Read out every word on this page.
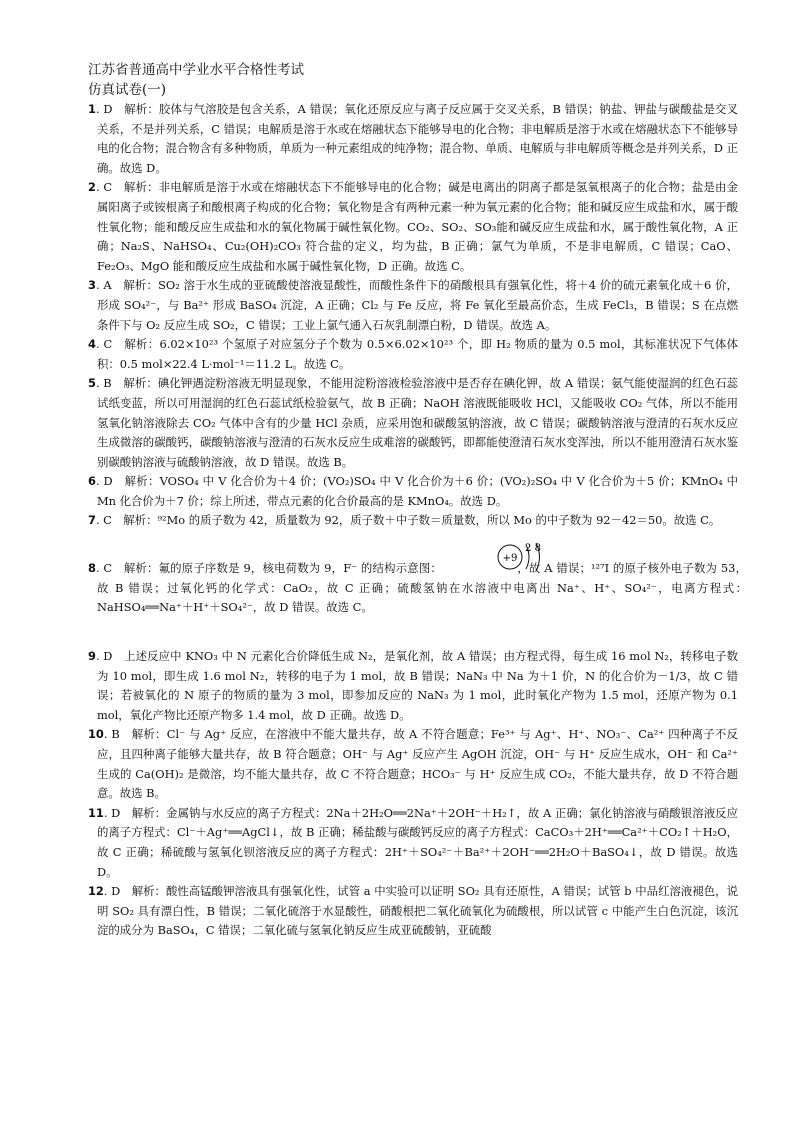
江苏省普通高中学业水平合格性考试
仿真试卷(一)

1. D　解析：胶体与气溶胶是包含关系，A 错误；氧化还原反应与离子反应属于交叉关系，B 错误；钠盐、钾盐与碳酸盐是交叉关系，不是并列关系，C 错误；电解质是溶于水或在熔融状态下能够导电的化合物；非电解质是溶于水或在熔融状态下不能够导电的化合物；混合物含有多种物质，单质为一种元素组成的纯净物；混合物、单质、电解质与非电解质等概念是并列关系，D 正确。故选 D。

2. C　解析：非电解质是溶于水或在熔融状态下不能够导电的化合物；碱是电离出的阴离子都是氢氧根离子的化合物；盐是由金属阳离子或铵根离子和酸根离子构成的化合物；氧化物是含有两种元素一种为氧元素的化合物；能和碱反应生成盐和水，属于酸性氧化物；能和酸反应生成盐和水的氧化物属于碱性氧化物。CO₂、SO₂、SO₃能和碱反应生成盐和水，属于酸性氧化物，A 正确；Na₂S、NaHSO₄、Cu₂(OH)₂CO₃ 符合盐的定义，均为盐，B 正确；氯气为单质，不是非电解质，C 错误；CaO、Fe₂O₃、MgO 能和酸反应生成盐和水属于碱性氧化物，D 正确。故选 C。

3. A　解析：SO₂ 溶于水生成的亚硫酸使溶液显酸性，而酸性条件下的硝酸根具有强氧化性，将＋4 价的硫元素氧化成＋6 价，形成 SO₄²⁻，与 Ba²⁺ 形成 BaSO₄ 沉淀，A 正确；Cl₂ 与 Fe 反应，将 Fe 氧化至最高价态，生成 FeCl₃，B 错误；S 在点燃条件下与 O₂ 反应生成 SO₂，C 错误；工业上氯气通入石灰乳制漂白粉，D 错误。故选 A。

4. C　解析：6.02×10²³ 个氢原子对应氢分子个数为 0.5×6.02×10²³ 个，即 H₂ 物质的量为 0.5 mol，其标准状况下气体体积：0.5 mol×22.4 L·mol⁻¹＝11.2 L。故选 C。

5. B　解析：碘化钾遇淀粉溶液无明显现象，不能用淀粉溶液检验溶液中是否存在碘化钾，故 A 错误；氨气能使湿润的红色石蕊试纸变蓝，所以可用湿润的红色石蕊试纸检验氨气，故 B 正确；NaOH 溶液既能吸收 HCl，又能吸收 CO₂ 气体，所以不能用氢氧化钠溶液除去 CO₂ 气体中含有的少量 HCl 杂质，应采用饱和碳酸氢钠溶液，故 C 错误；碳酸钠溶液与澄清的石灰水反应生成微溶的碳酸钙，碳酸钠溶液与澄清的石灰水反应生成难溶的碳酸钙，即都能使澄清石灰水变浑浊，所以不能用澄清石灰水鉴别碳酸钠溶液与硫酸钠溶液，故 D 错误。故选 B。

6. D　解析：VOSO₄ 中 V 化合价为＋4 价；(VO₂)SO₄ 中 V 化合价为＋6 价；(VO₂)₂SO₄ 中 V 化合价为＋5 价；KMnO₄ 中 Mn 化合价为＋7 价；综上所述，带点元素的化合价最高的是 KMnO₄。故选 D。

7. C　解析：⁹²Mo 的质子数为 42，质量数为 92，质子数＋中子数＝质量数，所以 Mo 的中子数为 92－42＝50。故选 C。

+9
2 8

8. C　解析：氟的原子序数是 9，核电荷数为 9，F⁻ 的结构示意图：　　　　　　　，故 A 错误；¹²⁷I 的原子核外电子数为 53，故 B 错误；过氧化钙的化学式：CaO₂，故 C 正确；硫酸氢钠在水溶液中电离出 Na⁺、H⁺、SO₄²⁻，电离方程式：NaHSO₄══Na⁺＋H⁺＋SO₄²⁻，故 D 错误。故选 C。

9. D　上述反应中 KNO₃ 中 N 元素化合价降低生成 N₂，是氧化剂，故 A 错误；由方程式得，每生成 16 mol N₂，转移电子数为 10 mol，即生成 1.6 mol N₂，转移的电子为 1 mol，故 B 错误；NaN₃ 中 Na 为＋1 价，N 的化合价为－1/3，故 C 错误；若被氧化的 N 原子的物质的量为 3 mol，即参加反应的 NaN₃ 为 1 mol，此时氧化产物为 1.5 mol，还原产物为 0.1 mol，氧化产物比还原产物多 1.4 mol，故 D 正确。故选 D。

10. B　解析：Cl⁻ 与 Ag⁺ 反应，在溶液中不能大量共存，故 A 不符合题意；Fe³⁺ 与 Ag⁺、H⁺、NO₃⁻、Ca²⁺ 四种离子不反应，且四种离子能够大量共存，故 B 符合题意；OH⁻ 与 Ag⁺ 反应产生 AgOH 沉淀，OH⁻ 与 H⁺ 反应生成水，OH⁻ 和 Ca²⁺ 生成的 Ca(OH)₂ 是微溶，均不能大量共存，故 C 不符合题意；HCO₃⁻ 与 H⁺ 反应生成 CO₂，不能大量共存，故 D 不符合题意。故选 B。

11. D　解析：金属钠与水反应的离子方程式：2Na＋2H₂O══2Na⁺＋2OH⁻＋H₂↑，故 A 正确；氯化钠溶液与硝酸银溶液反应的离子方程式：Cl⁻＋Ag⁺══AgCl↓，故 B 正确；稀盐酸与碳酸钙反应的离子方程式：CaCO₃＋2H⁺══Ca²⁺＋CO₂↑＋H₂O，故 C 正确；稀硫酸与氢氧化钡溶液反应的离子方程式：2H⁺＋SO₄²⁻＋Ba²⁺＋2OH⁻══2H₂O＋BaSO₄↓，故 D 错误。故选 D。

12. D　解析：酸性高锰酸钾溶液具有强氧化性，试管 a 中实验可以证明 SO₂ 具有还原性，A 错误；试管 b 中品红溶液褪色，说明 SO₂ 具有漂白性，B 错误；二氧化硫溶于水显酸性，硝酸根把二氧化硫氧化为硫酸根，所以试管 c 中能产生白色沉淀，该沉淀的成分为 BaSO₄，C 错误；二氧化硫与氢氧化钠反应生成亚硫酸钠，亚硫酸
